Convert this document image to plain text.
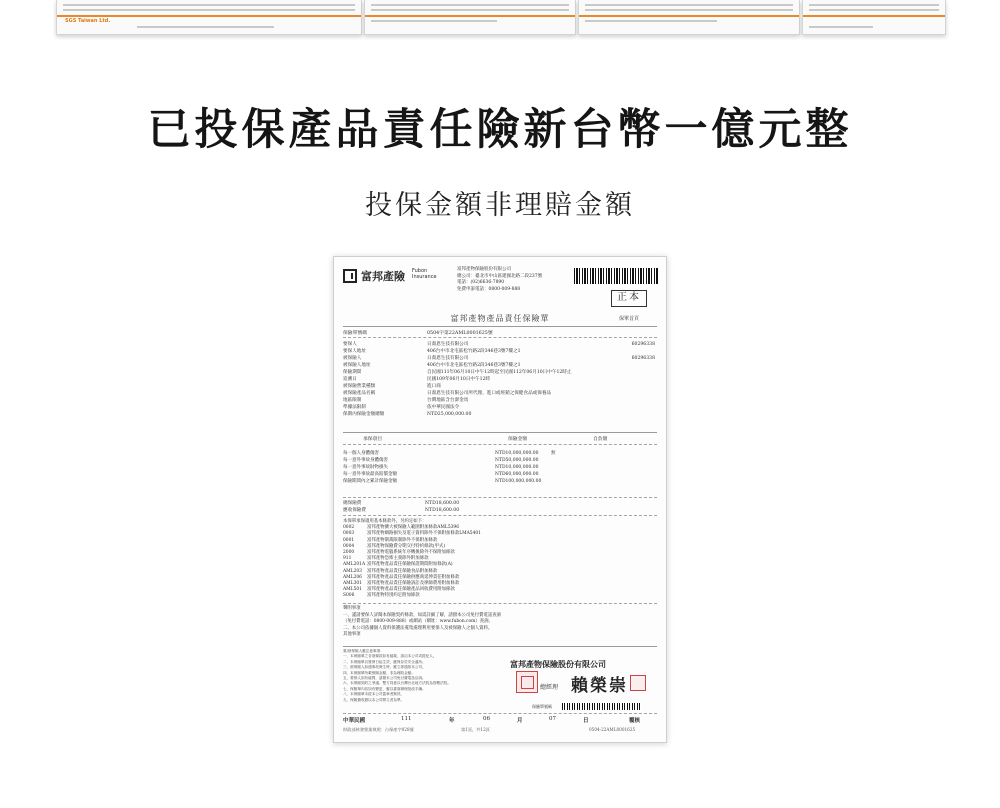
SGS Taiwan Ltd.
已投保產品責任險新台幣一億元整
投保金額非理賠金額
富邦產險 Fubon
Insurance
富邦產物保險股份有限公司
總公司：臺北市中山區建國北路二段237號
電話：(02)6636-7890
免費申訴電話：0800-009-888
正本
富邦產物產品責任保險單	保單首頁
保險單號碼	0504字第22AML0001625號
要保人	日裔恩生技有限公司	60296338
要保人地址	406台中市北屯區松竹路2段346巷3號7樓之1
被保險人	日裔恩生技有限公司	60296338
被保險人地址	406台中市北屯區松竹路2段346巷3號7樓之1
保險期間	自民國111年06月10日中午12時起至民國112年06月10日中午12時止
追溯日	民國109年06月10日中午12時
被保險營業種類	進口商
被保險產品名稱	日裔恩生技有限公司所代理、進口或經銷之保健食品或保養品
地區限制	台灣地區含台澎金馬
準據法限制	依中華民國法令
保期內保險金額總額	NTD25,000,000.00
承保項目	保險金額	自負額
每一個人身體傷害	NTD10,000,000.00	無
每一意外事故身體傷害	NTD50,000,000.00
每一意外事故財物損失	NTD10,000,000.00
每一意外事故最高賠償金額	NTD60,000,000.00
保險期間內之累計保險金額	NTD100,000,000.00
總保險費	NTD18,600.00
應收保險費	NTD18,600.00
本保單承保適用基本條款外，另約定如下：
0002	富邦產物擴大被保險人範圍附加條款AML5396
0003	富邦產物網路損失及電子資料除外不保附加條款LMA5401
0001	富邦產物制裁限制除外不保附加條款
0004	富邦產物保險費分期交付特約條款(甲式)
2000	富邦產物電腦系統年序轉換除外不保附加條款
911	富邦產物恐怖主義除外附加條款
AML201A 富邦產物產品責任保險保證期間附加條款(A)
AML203 富邦產物產品責任保險食品附加條款
AML206 富邦產物產品責任保險供應商延伸責任附加條款
AML301 富邦產物產品責任保險訴訟及律師費用附加條款
AML501 富邦產物產品責任保險產品回收費用附加條款
S006	富邦產物特別約定附加條款
聲明事項
一、謹請要保人詳閱本保險契約條款，如需詳細了解，請撥本公司免付費電話查詢
（免付費電話：0800-009-888）或網站（網址：www.fubon.com）查詢。
二、本公司依據個人資料保護法蒐集處理利用要保人及被保險人之個人資料。
其他事項
要/被保險人應注意事項：
一、本保險單之各項條款如有疑義，請洽本公司或經紀人。
二、本保險單自簽發日起生效，應保存於安全處所。
三、被保險人如遇事故發生時，應立即通知本公司。
四、本保險單所載保險金額，非為理賠金額。
五、要保人如有疑問，請撥本公司免付費電話洽詢。
六、本保險契約之爭議，雙方同意以台灣台北地方法院為管轄法院。
七、保險單內容如有變更，應以書面辦理批改手續。
八、本保險單未經本公司蓋章者無效。
九、保險費收據以本公司開立者為準。
富邦產物保險股份有限公司
總經理 賴榮崇
保險單號碼
中華民國	111	年	06	月	07	日	覆核
財政部核發營業執照：台保產字028號	第1頁，共12頁	0504-22AML0001625
